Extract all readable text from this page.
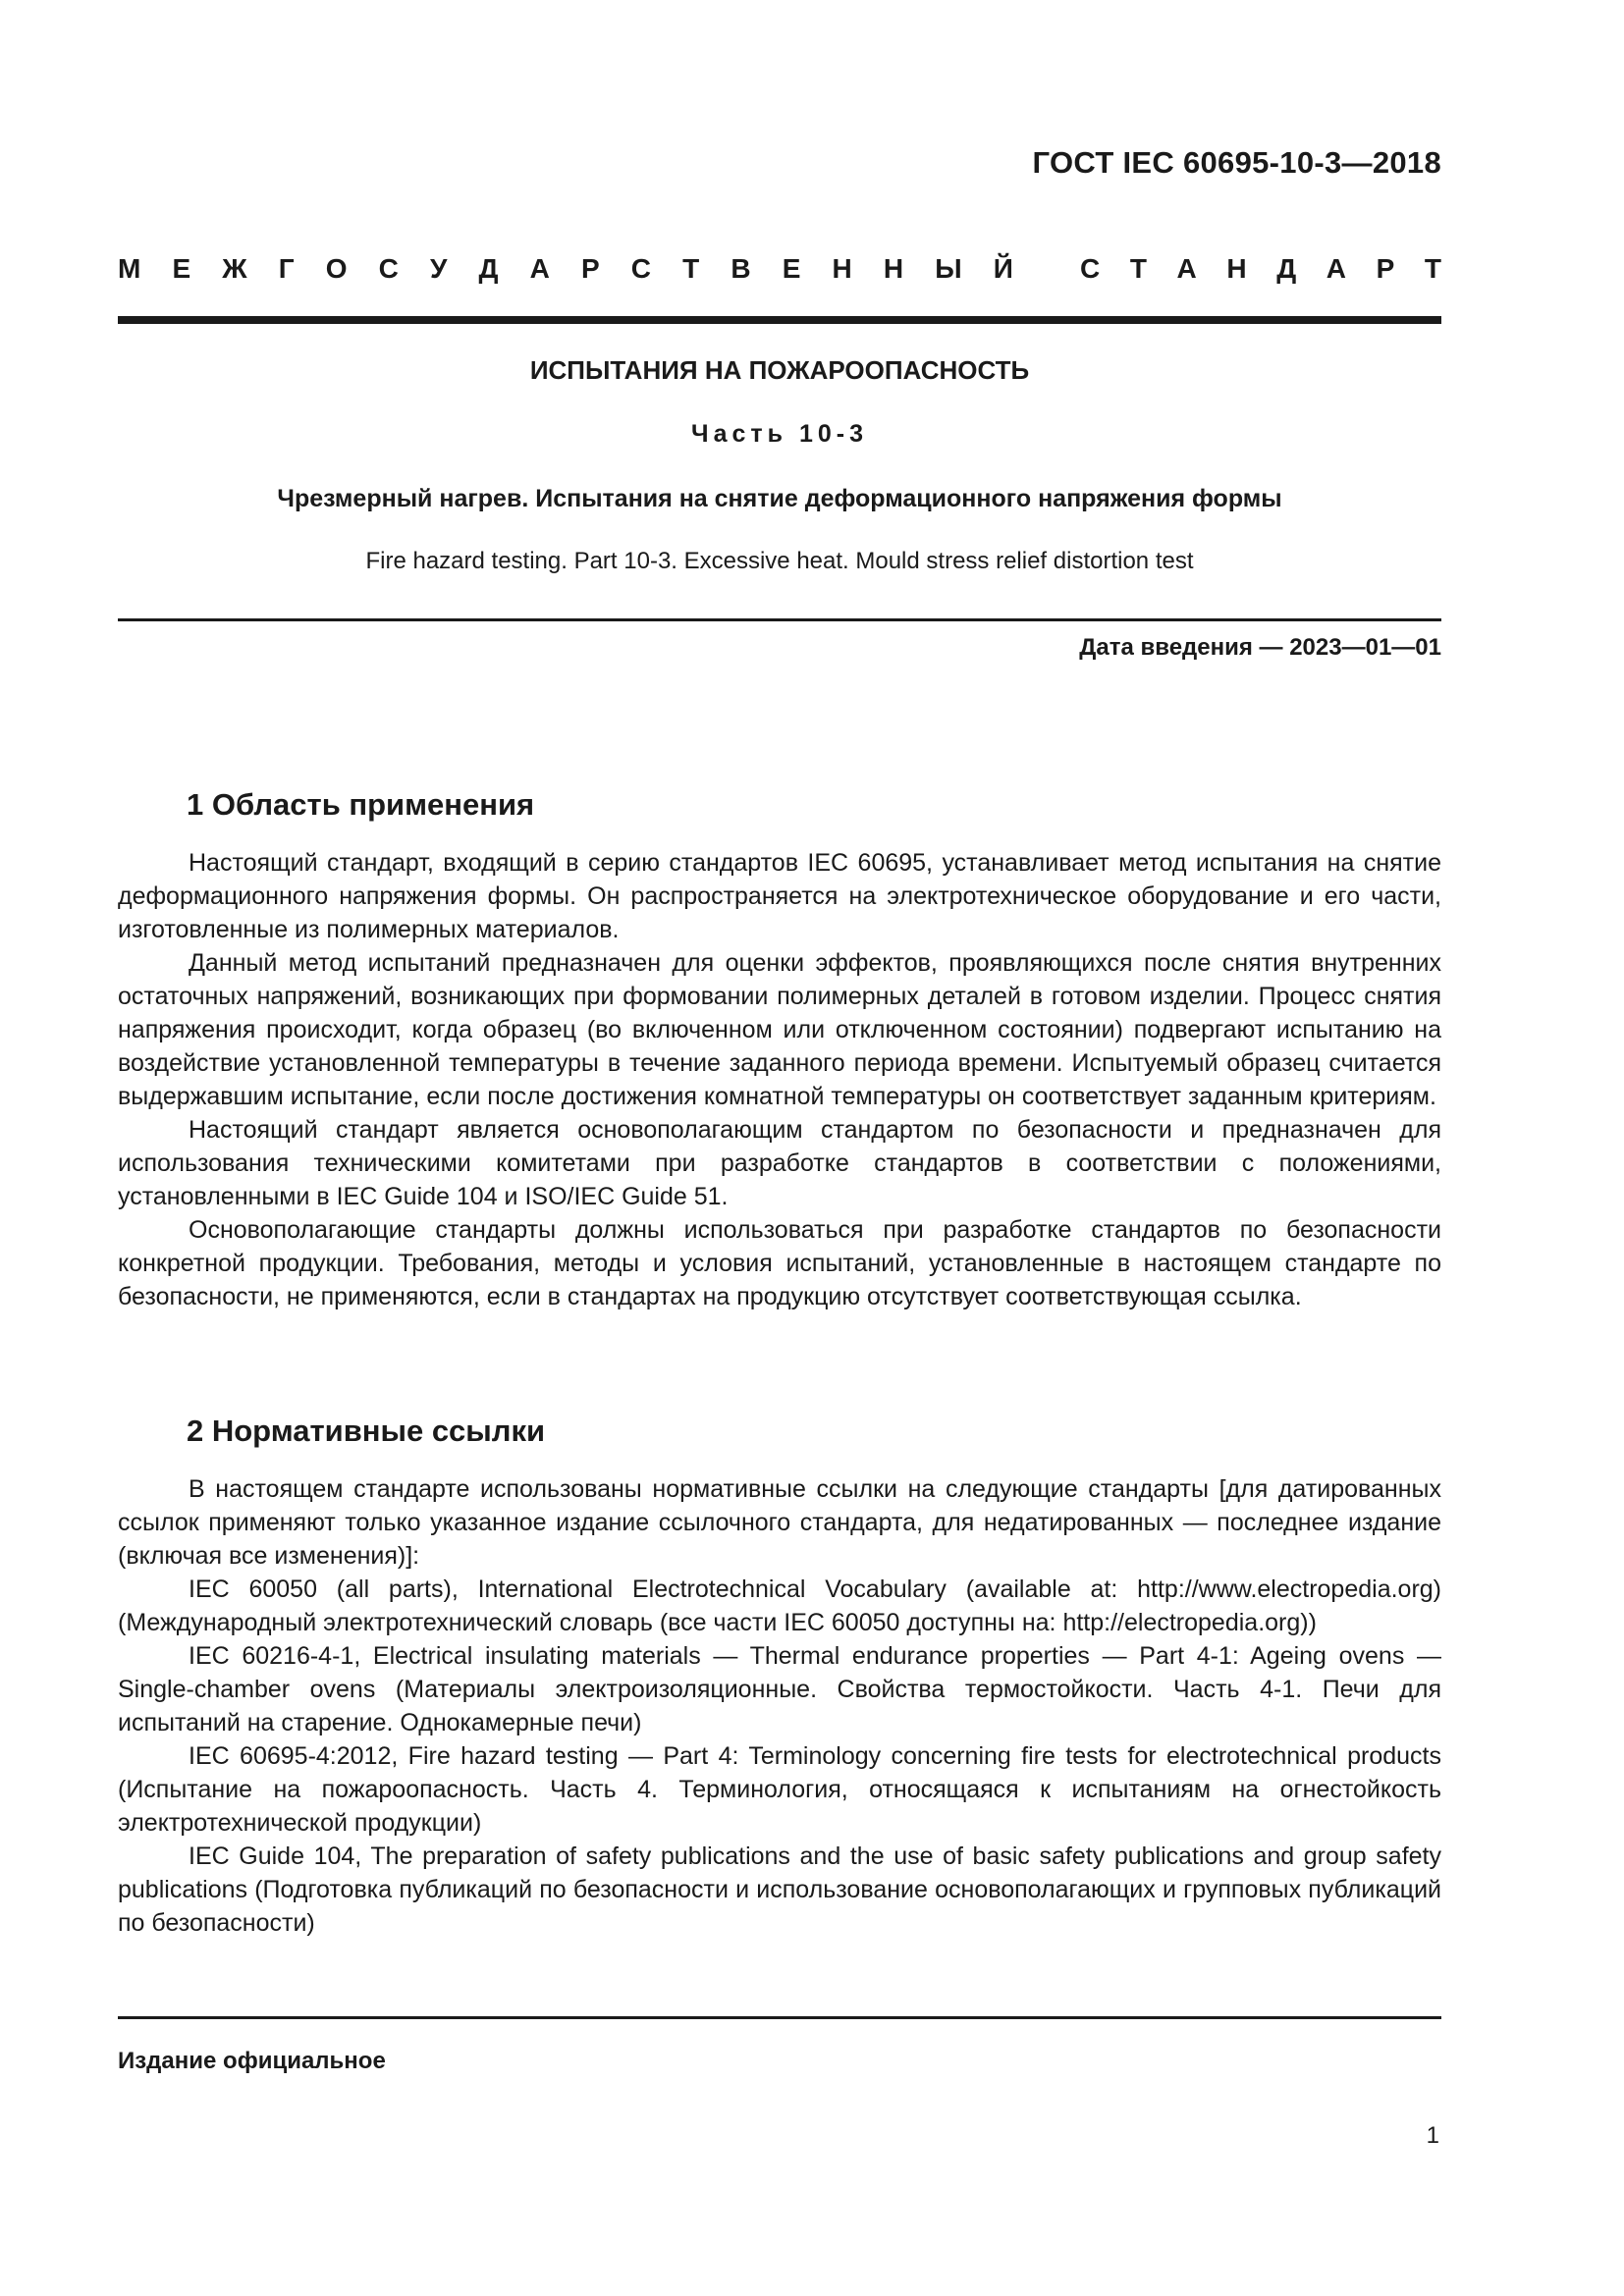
ГОСТ IEC 60695-10-3—2018
М Е Ж Г О С У Д А Р С Т В Е Н Н Ы Й С Т А Н Д А Р Т
ИСПЫТАНИЯ НА ПОЖАРООПАСНОСТЬ
Часть 10-3
Чрезмерный нагрев. Испытания на снятие деформационного напряжения формы
Fire hazard testing. Part 10-3. Excessive heat. Mould stress relief distortion test
Дата введения — 2023—01—01
1 Область применения

Настоящий стандарт, входящий в серию стандартов IEC 60695, устанавливает метод испытания на снятие деформационного напряжения формы. Он распространяется на электротехническое оборудование и его части, изготовленные из полимерных материалов.

Данный метод испытаний предназначен для оценки эффектов, проявляющихся после снятия внутренних остаточных напряжений, возникающих при формовании полимерных деталей в готовом изделии. Процесс снятия напряжения происходит, когда образец (во включенном или отключенном состоянии) подвергают испытанию на воздействие установленной температуры в течение заданного периода времени. Испытуемый образец считается выдержавшим испытание, если после достижения комнатной температуры он соответствует заданным критериям.

Настоящий стандарт является основополагающим стандартом по безопасности и предназначен для использования техническими комитетами при разработке стандартов в соответствии с положениями, установленными в IEC Guide 104 и ISO/IEC Guide 51.

Основополагающие стандарты должны использоваться при разработке стандартов по безопасности конкретной продукции. Требования, методы и условия испытаний, установленные в настоящем стандарте по безопасности, не применяются, если в стандартах на продукцию отсутствует соответствующая ссылка.

2 Нормативные ссылки

В настоящем стандарте использованы нормативные ссылки на следующие стандарты [для датированных ссылок применяют только указанное издание ссылочного стандарта, для недатированных — последнее издание (включая все изменения)]:

IEC 60050 (all parts), International Electrotechnical Vocabulary (available at: http://www.electropedia.org) (Международный электротехнический словарь (все части IEC 60050 доступны на: http://electropedia.org))

IEC 60216-4-1, Electrical insulating materials — Thermal endurance properties — Part 4-1: Ageing ovens — Single-chamber ovens (Материалы электроизоляционные. Свойства термостойкости. Часть 4-1. Печи для испытаний на старение. Однокамерные печи)

IEC 60695-4:2012, Fire hazard testing — Part 4: Terminology concerning fire tests for electrotechnical products (Испытание на пожароопасность. Часть 4. Терминология, относящаяся к испытаниям на огнестойкость электротехнической продукции)

IEC Guide 104, The preparation of safety publications and the use of basic safety publications and group safety publications (Подготовка публикаций по безопасности и использование основополагающих и групповых публикаций по безопасности)

Издание официальное
1
